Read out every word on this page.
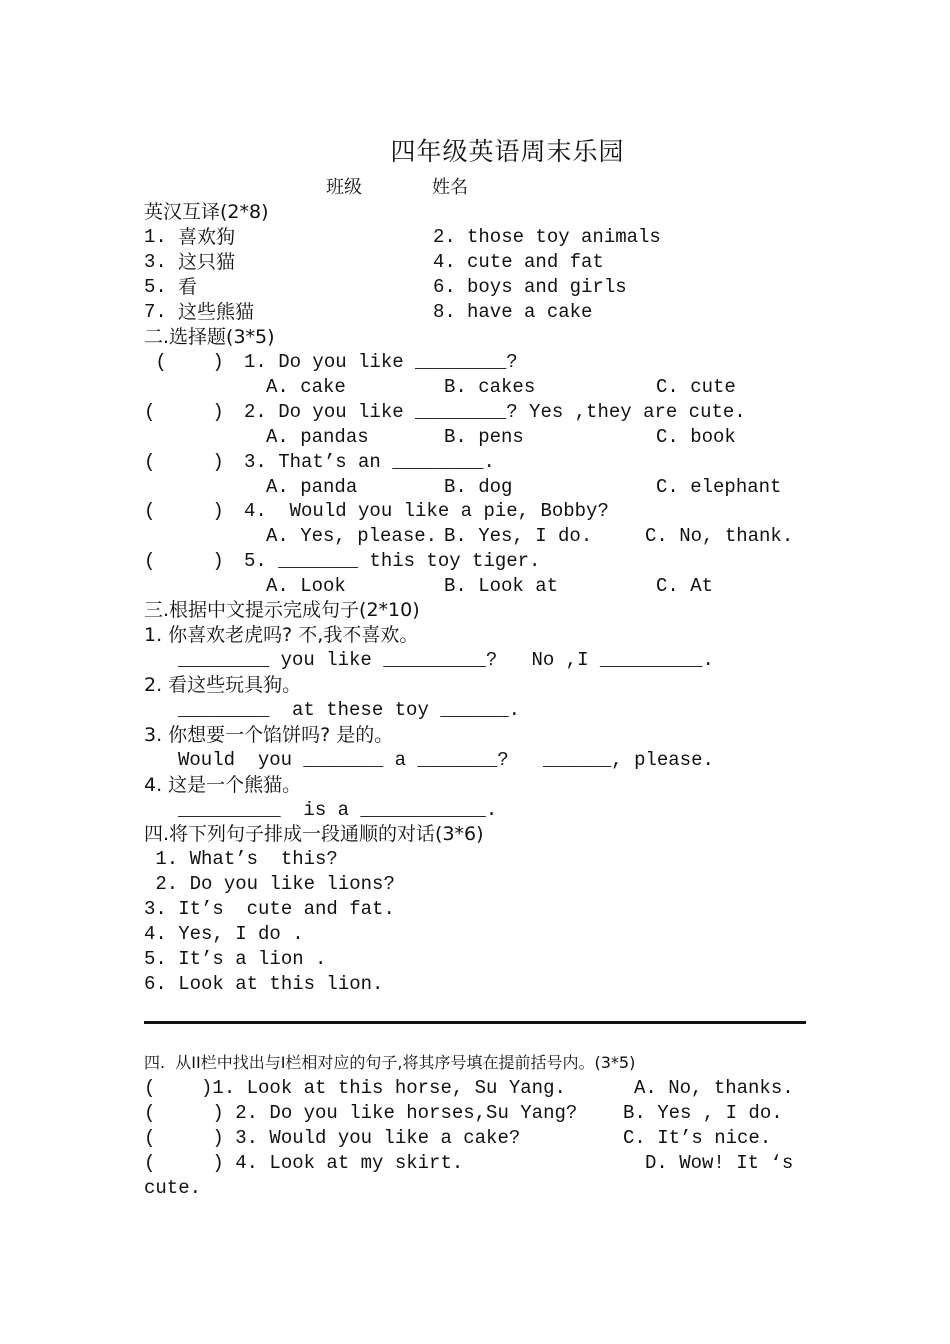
四年级英语周末乐园
班级	姓名
英汉互译(2*8)
1. 喜欢狗	2. those toy animals
3. 这只猫	4. cute and fat
5. 看	6. boys and girls
7. 这些熊猫	8. have a cake
二.选择题(3*5)
(    ) 1. Do you like ________?
A. cake	B. cakes	C. cute
(     ) 2. Do you like ________? Yes ,they are cute.
A. pandas	B. pens	C. book
(     ) 3. That’s an ________.
A. panda	B. dog	C. elephant
(     ) 4.  Would you like a pie, Bobby?
A. Yes, please. B. Yes, I do.	C. No, thank.
(     ) 5. _______ this toy tiger.
A. Look	B. Look at	C. At
三.根据中文提示完成句子(2*10)
1. 你喜欢老虎吗? 不,我不喜欢。
________ you like _________?   No ,I _________.
2. 看这些玩具狗。
________  at these toy ______.
3. 你想要一个馅饼吗? 是的。
Would  you _______ a _______?   ______, please.
4. 这是一个熊猫。
_________  is a ___________.
四.将下列句子排成一段通顺的对话(3*6)
1. What’s  this?
2. Do you like lions?
3. It’s  cute and fat.
4. Yes, I do .
5. It’s a lion .
6. Look at this lion.
四.  从II栏中找出与I栏相对应的句子,将其序号填在提前括号内。(3*5)
(    )1. Look at this horse, Su Yang.	A. No, thanks.
(     ) 2. Do you like horses,Su Yang? B. Yes , I do.
(     ) 3. Would you like a cake?	C. It’s nice.
(     ) 4. Look at my skirt.	D. Wow! It ‘s
cute.
